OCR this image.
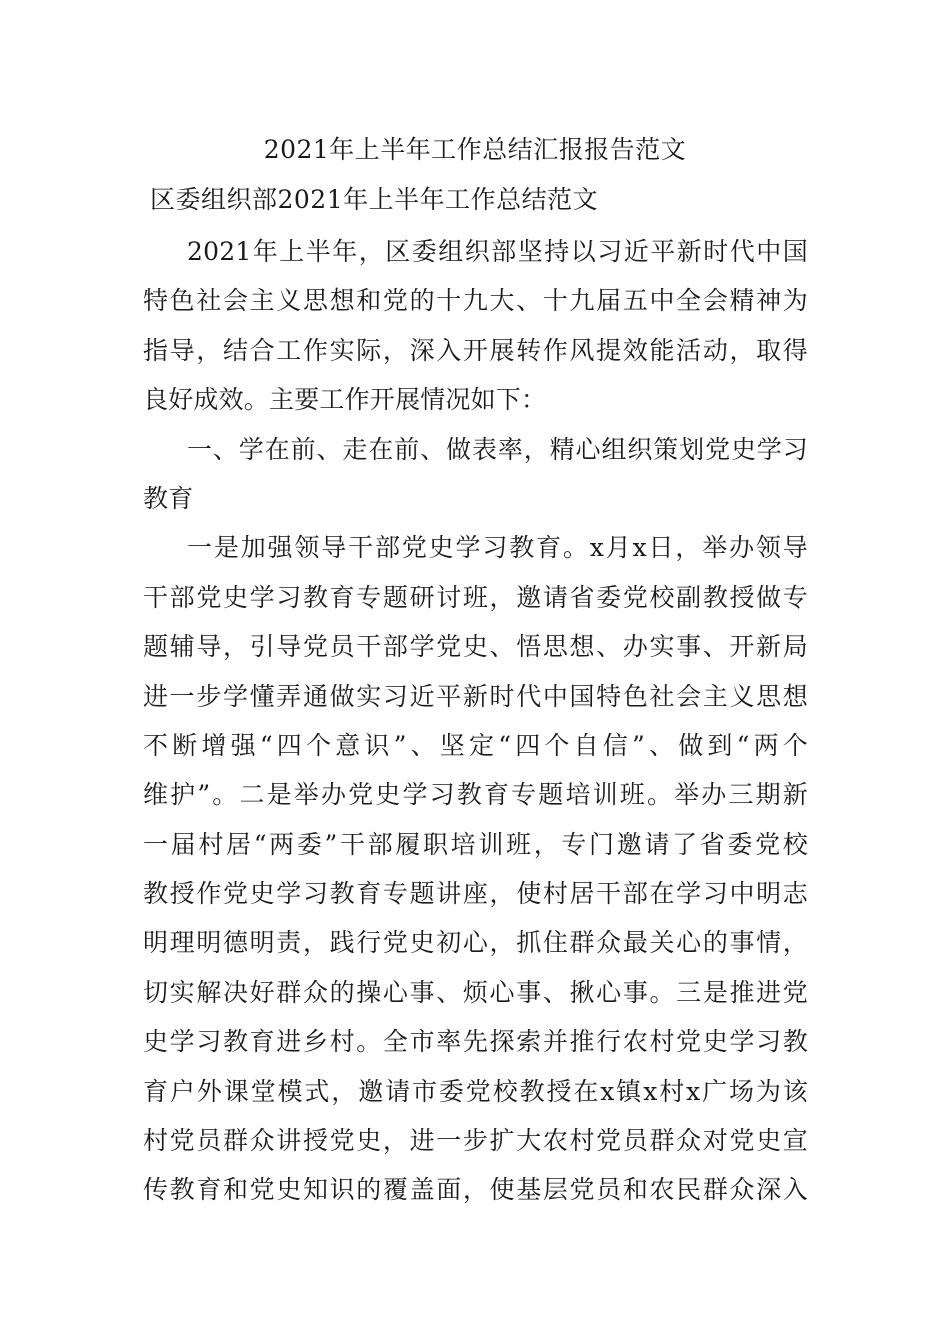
2021年上半年工作总结汇报报告范文
区委组织部2021年上半年工作总结范文
2021年上半年，区委组织部坚持以习近平新时代中国
特色社会主义思想和党的十九大、十九届五中全会精神为
指导，结合工作实际，深入开展转作风提效能活动，取得
良好成效。主要工作开展情况如下：
一、学在前、走在前、做表率，精心组织策划党史学习
教育
一是加强领导干部党史学习教育。x月x日，举办领导
干部党史学习教育专题研讨班，邀请省委党校副教授做专
题辅导，引导党员干部学党史、悟思想、办实事、开新局
进一步学懂弄通做实习近平新时代中国特色社会主义思想
不断增强“四个意识”、坚定“四个自信”、做到“两个
维护”。二是举办党史学习教育专题培训班。举办三期新
一届村居“两委”干部履职培训班，专门邀请了省委党校
教授作党史学习教育专题讲座，使村居干部在学习中明志
明理明德明责，践行党史初心，抓住群众最关心的事情，
切实解决好群众的操心事、烦心事、揪心事。三是推进党
史学习教育进乡村。全市率先探索并推行农村党史学习教
育户外课堂模式，邀请市委党校教授在x镇x村x广场为该
村党员群众讲授党史，进一步扩大农村党员群众对党史宣
传教育和党史知识的覆盖面，使基层党员和农民群众深入
